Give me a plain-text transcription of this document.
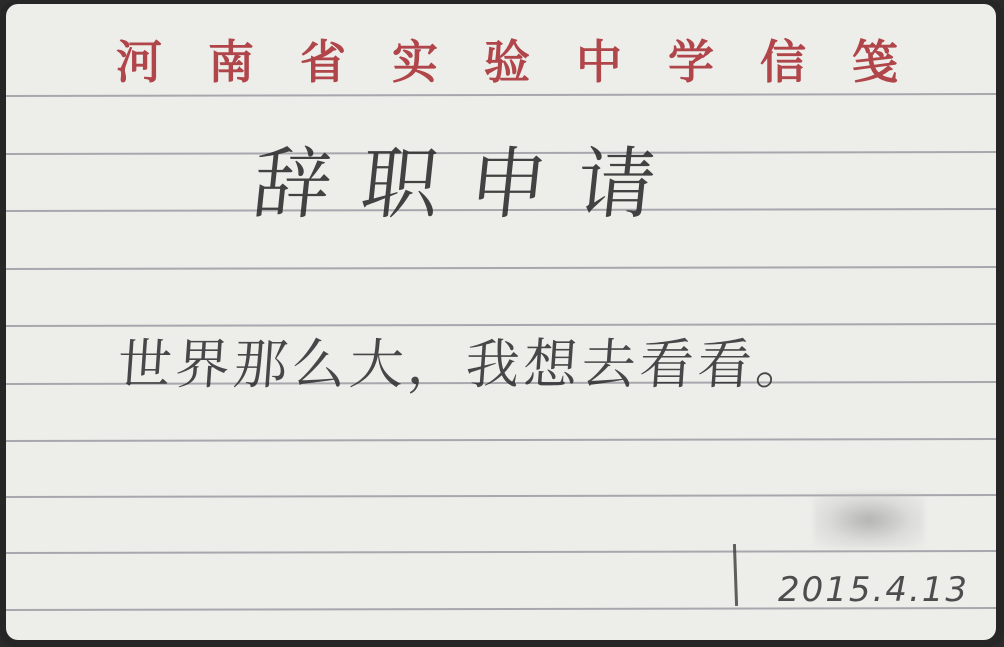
河 南 省 实 验 中 学 信 笺
辞职申请
世界那么大，我想去看看。
2015.4.13
